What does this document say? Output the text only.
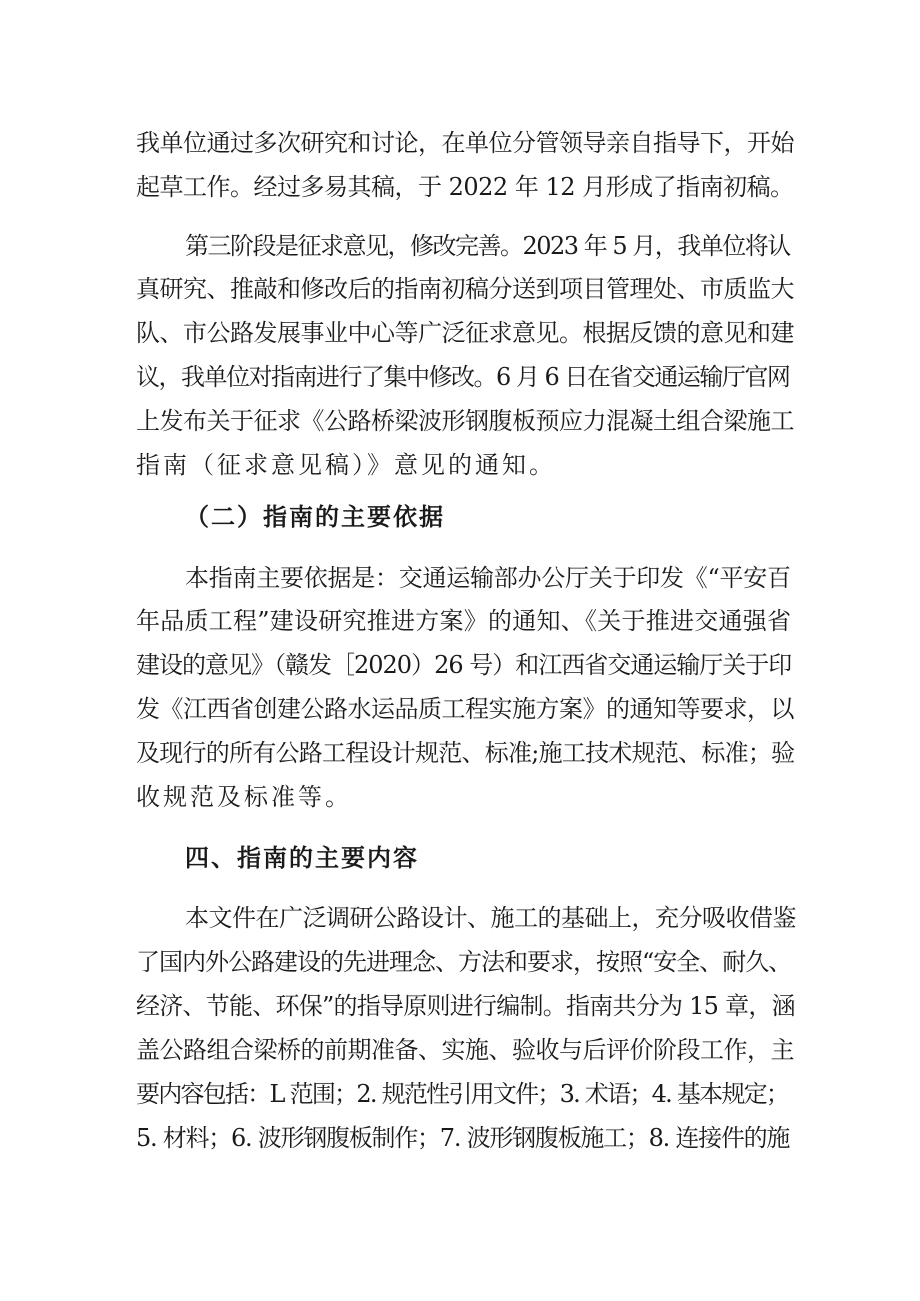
我单位通过多次研究和讨论，在单位分管领导亲自指导下，开始
起草工作。经过多易其稿，于 2022 年 12 月形成了指南初稿。
第三阶段是征求意见，修改完善。2023 年 5 月，我单位将认
真研究、推敲和修改后的指南初稿分送到项目管理处、市质监大
队、市公路发展事业中心等广泛征求意见。根据反馈的意见和建
议，我单位对指南进行了集中修改。6 月 6 日在省交通运输厅官网
上发布关于征求《公路桥梁波形钢腹板预应力混凝土组合梁施工
指南（征求意见稿）》意见的通知。
（二）指南的主要依据
本指南主要依据是：交通运输部办公厅关于印发《“平安百
年品质工程”建设研究推进方案》的通知、《关于推进交通强省
建设的意见》（赣发［2020）26 号）和江西省交通运输厅关于印
发《江西省创建公路水运品质工程实施方案》的通知等要求，以
及现行的所有公路工程设计规范、标准;施工技术规范、标准；验
收规范及标准等。
四、指南的主要内容
本文件在广泛调研公路设计、施工的基础上，充分吸收借鉴
了国内外公路建设的先进理念、方法和要求，按照“安全、耐久、
经济、节能、环保”的指导原则进行编制。指南共分为 15 章，涵
盖公路组合梁桥的前期准备、实施、验收与后评价阶段工作，主
要内容包括：L 范围；2. 规范性引用文件；3. 术语；4. 基本规定；
5. 材料；6. 波形钢腹板制作；7. 波形钢腹板施工；8. 连接件的施
